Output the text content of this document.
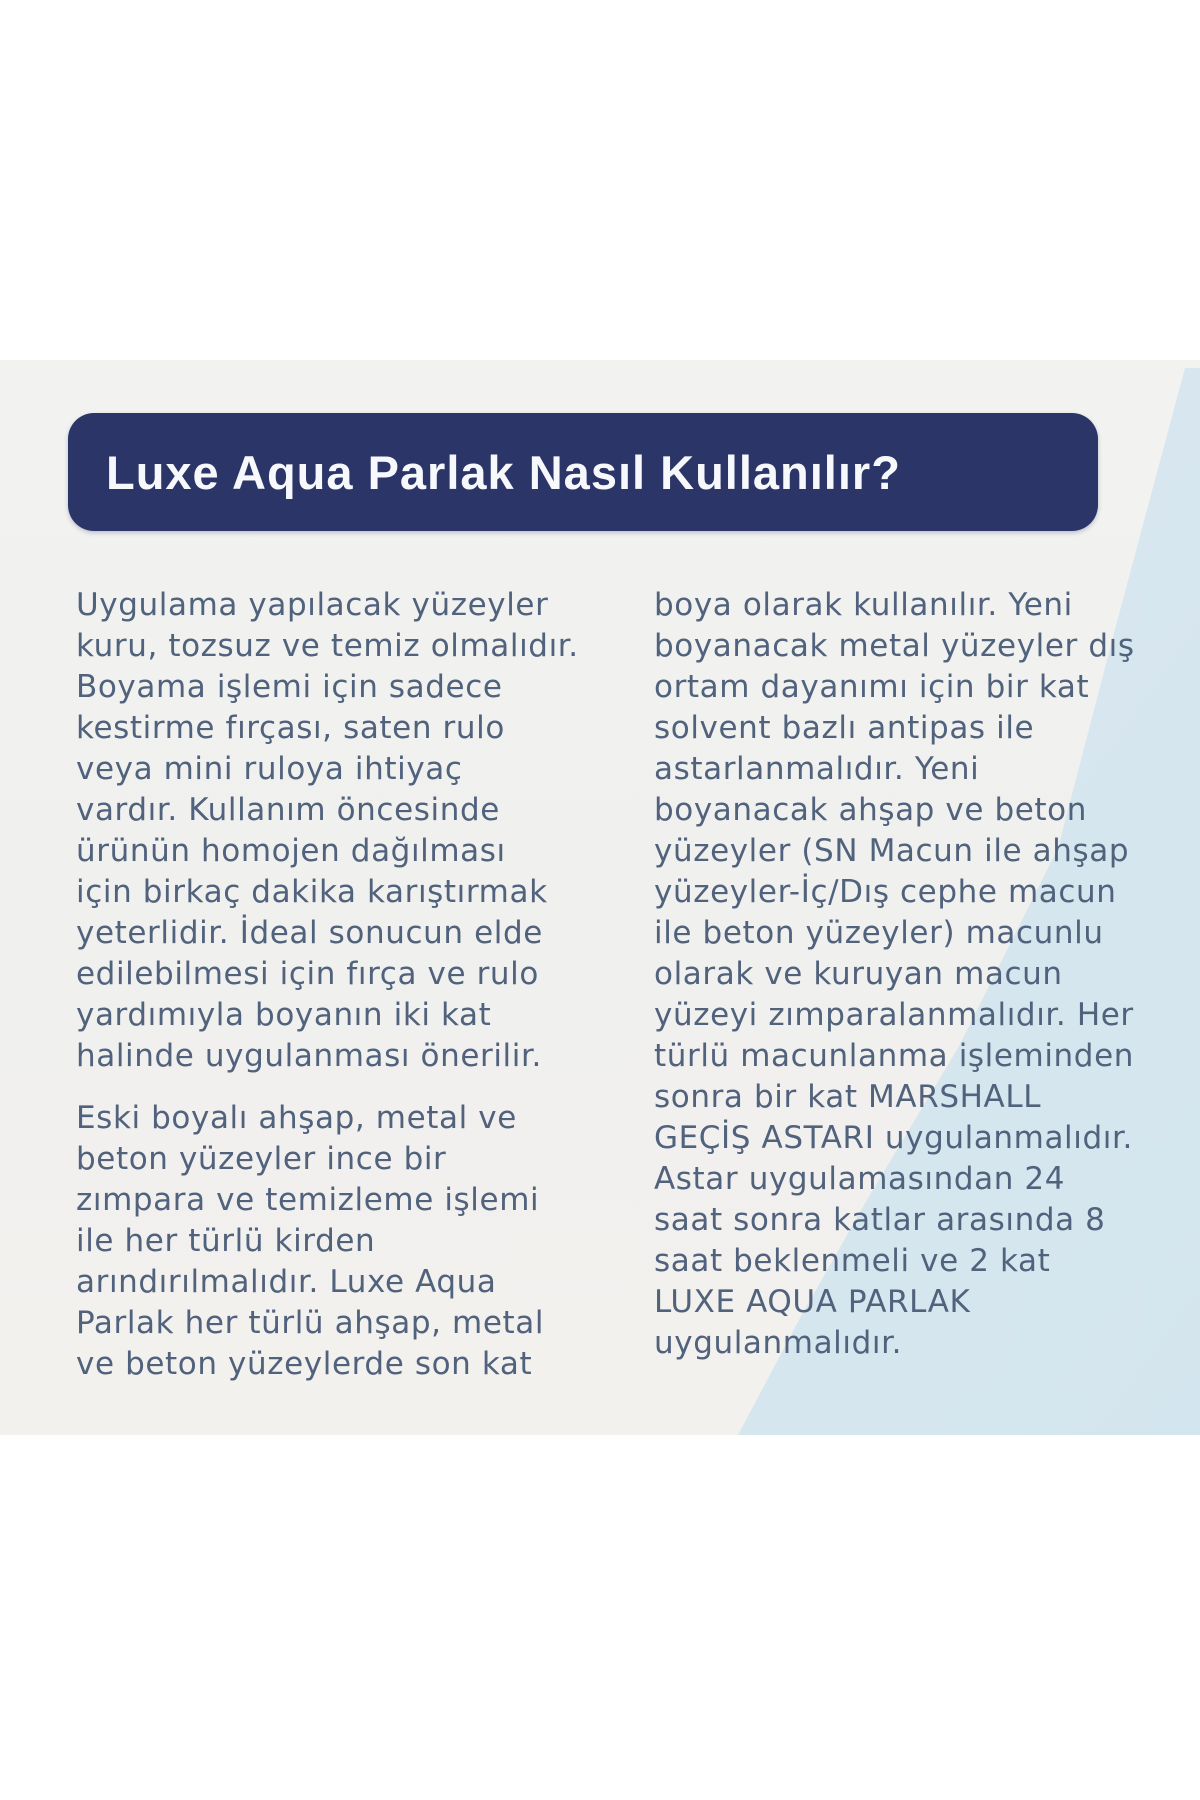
Luxe Aqua Parlak Nasıl Kullanılır?
Uygulama yapılacak yüzeyler
kuru, tozsuz ve temiz olmalıdır.
Boyama işlemi için sadece
kestirme fırçası, saten rulo
veya mini ruloya ihtiyaç
vardır. Kullanım öncesinde
ürünün homojen dağılması
için birkaç dakika karıştırmak
yeterlidir. İdeal sonucun elde
edilebilmesi için fırça ve rulo
yardımıyla boyanın iki kat
halinde uygulanması önerilir.
Eski boyalı ahşap, metal ve
beton yüzeyler ince bir
zımpara ve temizleme işlemi
ile her türlü kirden
arındırılmalıdır. Luxe Aqua
Parlak her türlü ahşap, metal
ve beton yüzeylerde son kat
boya olarak kullanılır. Yeni
boyanacak metal yüzeyler dış
ortam dayanımı için bir kat
solvent bazlı antipas ile
astarlanmalıdır. Yeni
boyanacak ahşap ve beton
yüzeyler (SN Macun ile ahşap
yüzeyler-İç/Dış cephe macun
ile beton yüzeyler) macunlu
olarak ve kuruyan macun
yüzeyi zımparalanmalıdır. Her
türlü macunlanma işleminden
sonra bir kat MARSHALL
GEÇİŞ ASTARI uygulanmalıdır.
Astar uygulamasından 24
saat sonra katlar arasında 8
saat beklenmeli ve 2 kat
LUXE AQUA PARLAK
uygulanmalıdır.
